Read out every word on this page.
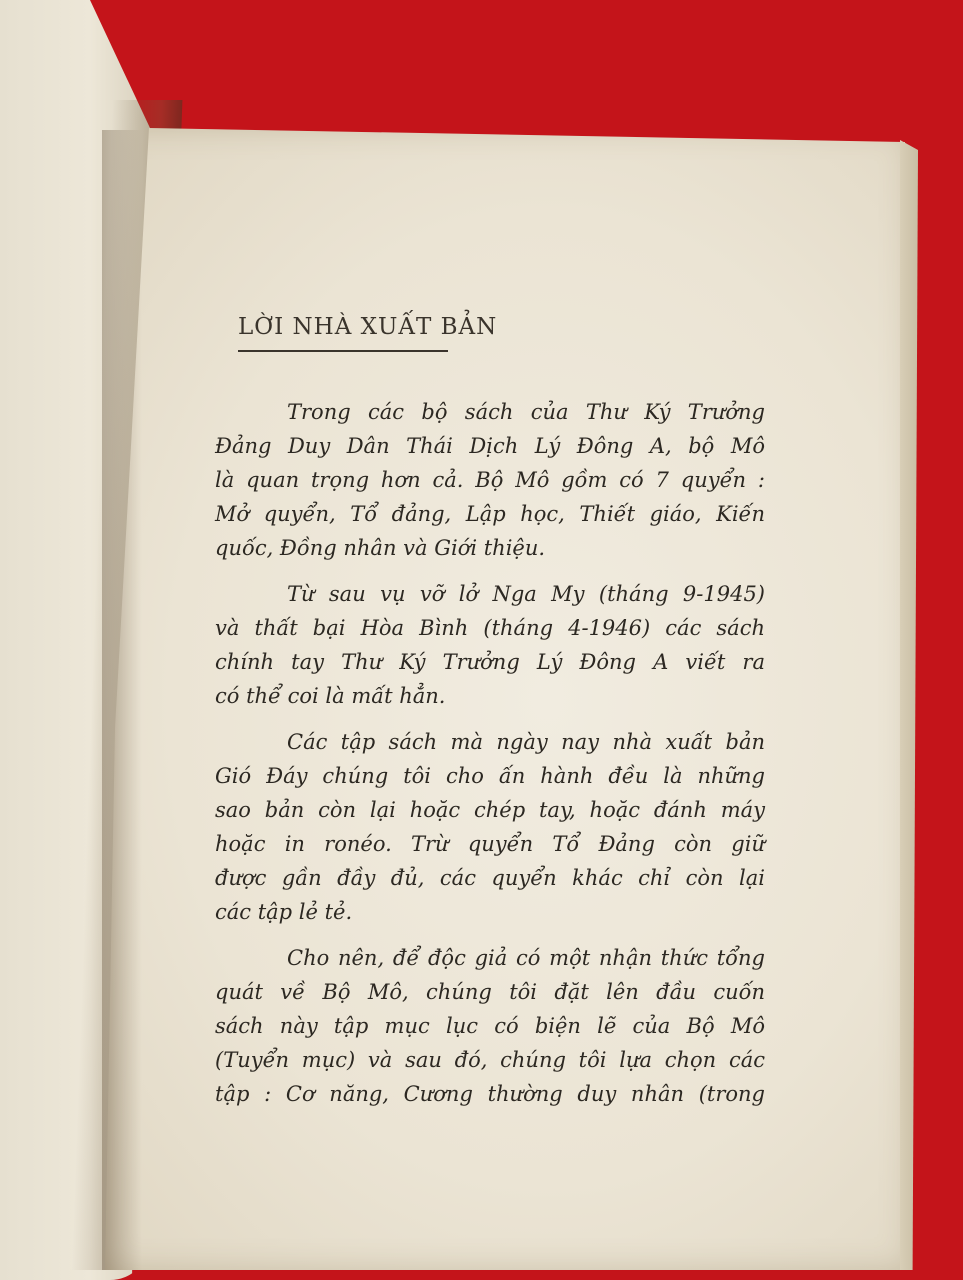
LỜI NHÀ XUẤT BẢN
Trong các bộ sách của Thư Ký Trưởng
Đảng Duy Dân Thái Dịch Lý Đông A, bộ Mô
là quan trọng hơn cả. Bộ Mô gồm có 7 quyển :
Mở quyển, Tổ đảng, Lập học, Thiết giáo, Kiến
quốc, Đồng nhân và Giới thiệu.
Từ sau vụ vỡ lở Nga My (tháng 9-1945)
và thất bại Hòa Bình (tháng 4-1946) các sách
chính tay Thư Ký Trưởng Lý Đông A viết ra
có thể coi là mất hẳn.
Các tập sách mà ngày nay nhà xuất bản
Gió Đáy chúng tôi cho ấn hành đều là những
sao bản còn lại hoặc chép tay, hoặc đánh máy
hoặc in ronéo. Trừ quyển Tổ Đảng còn giữ
được gần đầy đủ, các quyển khác chỉ còn lại
các tập lẻ tẻ.
Cho nên, để độc giả có một nhận thức tổng
quát về Bộ Mô, chúng tôi đặt lên đầu cuốn
sách này tập mục lục có biện lẽ của Bộ Mô
(Tuyển mục) và sau đó, chúng tôi lựa chọn các
tập : Cơ năng, Cương thường duy nhân (trong
